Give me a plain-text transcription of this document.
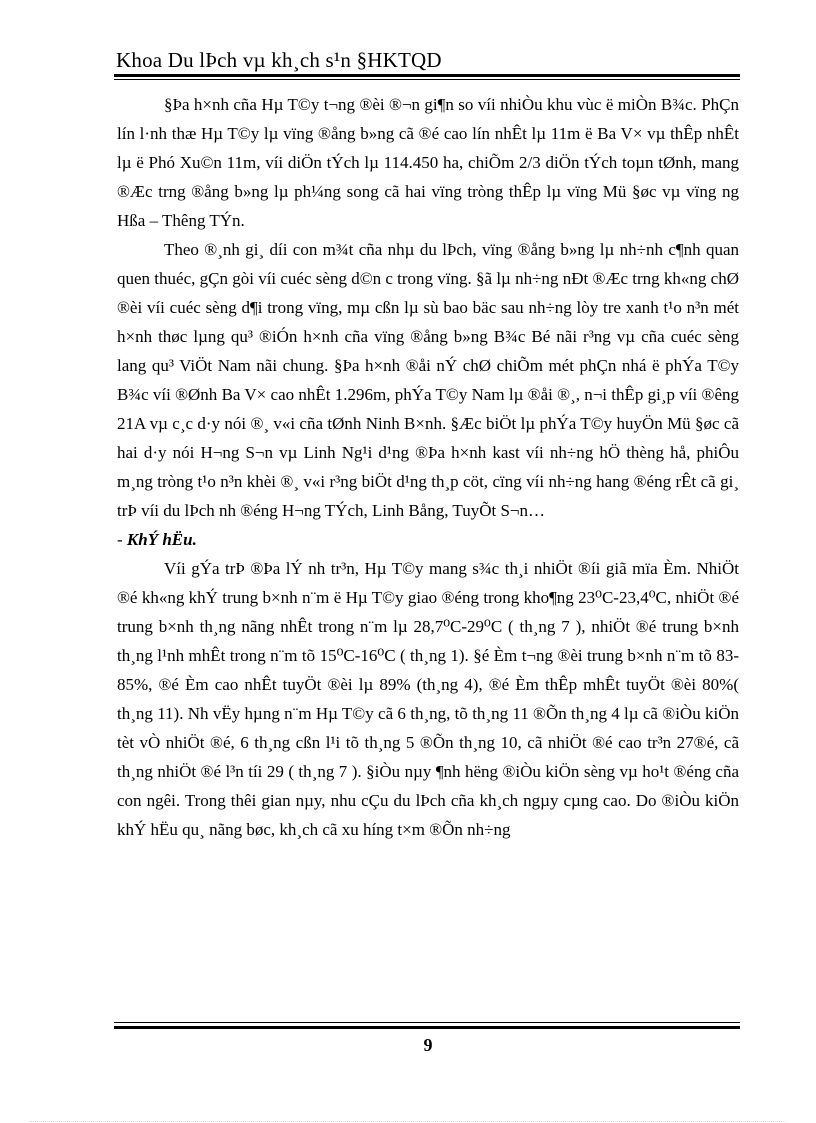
Khoa Du lÞch vµ kh¸ch s¹n §HKTQD

§Þa h×nh cña Hµ T©y t¬ng ®èi ®¬n gi¶n so víi nhiÒu khu vùc ë miÒn B¾c. PhÇn lín l·nh thæ Hµ T©y lµ vïng ®ång b»ng cã ®é cao lín nhÊt lµ 11m ë Ba V× vµ thÊp nhÊt lµ ë Phó Xu©n 11m, víi diÖn tÝch lµ 114.450 ha, chiÕm 2/3 diÖn tÝch toµn tØnh, mang ®Æc trng ®ång b»ng lµ ph¼ng song cã hai vïng tròng thÊp lµ vïng Mü §øc vµ vïng ng Hßa – Thêng TÝn.

Theo ®¸nh gi¸ díi con m¾t cña nhµ du lÞch, vïng ®ång b»ng lµ nh÷nh c¶nh quan quen thuéc, gÇn gòi víi cuéc sèng d©n c trong vïng. §ã lµ nh÷ng nÐt ®Æc trng kh«ng chØ ®èi víi cuéc sèng d¶i trong vïng, mµ cßn lµ sù bao bäc sau nh÷ng lòy tre xanh t¹o n³n mét h×nh thøc lµng qu³ ®iÓn h×nh cña vïng ®ång b»ng B¾c Bé nãi r³ng vµ cña cuéc sèng lang qu³ ViÖt Nam nãi chung. §Þa h×nh ®åi nÝ chØ chiÕm mét phÇn nhá ë phÝa T©y B¾c víi ®Ønh Ba V× cao nhÊt 1.296m, phÝa T©y Nam lµ ®åi ®¸, n¬i thÊp gi¸p víi ®êng 21A vµ c¸c d·y nói ®¸ v«i cña tØnh Ninh B×nh. §Æc biÖt lµ phÝa T©y huyÖn Mü §øc cã hai d·y nói H¬ng S¬n vµ Linh Ng¹i d¹ng ®Þa h×nh kast víi nh÷ng hÖ thèng hå, phiÔu m¸ng tròng t¹o n³n khèi ®¸ v«i r³ng biÖt d¹ng th¸p cöt, cïng víi nh÷ng hang ®éng rÊt cã gi¸ trÞ víi du lÞch nh ®éng H¬ng TÝch, Linh Bång, TuyÕt S¬n…

- KhÝ hËu.

Víi gÝa trÞ ®Þa lÝ nh tr³n, Hµ T©y mang s¾c th¸i nhiÖt ®íi giã mïa Èm. NhiÖt ®é kh«ng khÝ trung b×nh n¨m ë Hµ T©y giao ®éng trong kho¶ng 23⁰C-23,4⁰C, nhiÖt ®é trung b×nh th¸ng nãng nhÊt trong n¨m lµ 28,7⁰C-29⁰C ( th¸ng 7 ), nhiÖt ®é trung b×nh th¸ng l¹nh mhÊt trong n¨m tõ 15⁰C-16⁰C ( th¸ng 1). §é Èm t¬ng ®èi trung b×nh n¨m tõ 83- 85%, ®é Èm cao nhÊt tuyÖt ®èi lµ 89% (th¸ng 4), ®é Èm thÊp mhÊt tuyÖt ®èi 80%( th¸ng 11). Nh vËy hµng n¨m Hµ T©y cã 6 th¸ng, tõ th¸ng 11 ®Õn th¸ng 4 lµ cã ®iÒu kiÖn tèt vÒ nhiÖt ®é, 6 th¸ng cßn l¹i tõ th¸ng 5 ®Õn th¸ng 10, cã nhiÖt ®é cao tr³n 27®é, cã th¸ng nhiÖt ®é l³n tíi 29 ( th¸ng 7 ). §iÒu nµy ¶nh hëng ®iÒu kiÖn sèng vµ ho¹t ®éng cña con ngêi. Trong thêi gian nµy, nhu cÇu du lÞch cña kh¸ch ngµy cµng cao. Do ®iÒu kiÖn khÝ hËu qu¸ nãng bøc, kh¸ch cã xu híng t×m ®Õn nh÷ng

9
